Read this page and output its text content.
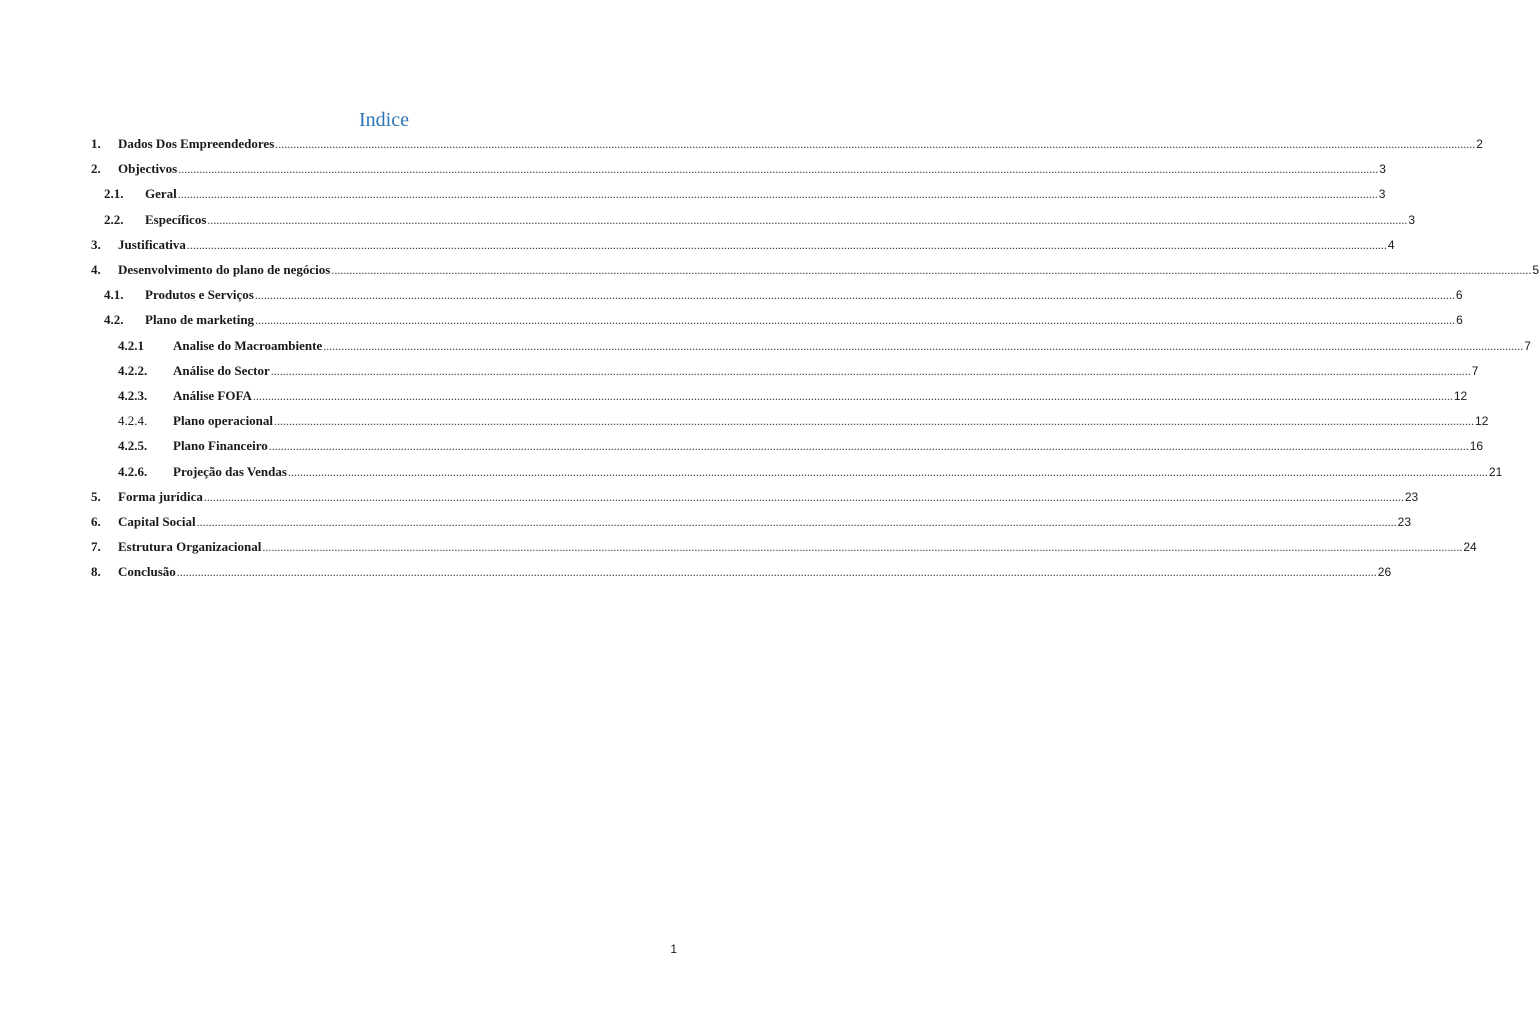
Indice
1.	Dados Dos Empreendedores ................................................................................................................................................................................................................................................................................................................................................................................................................ 2
2.	Objectivos ................................................................................................................................................................................................................................................................................................................................................................................................................ 3
2.1.	Geral ................................................................................................................................................................................................................................................................................................................................................................................................................ 3
2.2.	Específicos ................................................................................................................................................................................................................................................................................................................................................................................................................ 3
3.	Justificativa ................................................................................................................................................................................................................................................................................................................................................................................................................ 4
4.	Desenvolvimento do plano de negócios ................................................................................................................................................................................................................................................................................................................................................................................................................ 5
4.1.	Produtos e Serviços ................................................................................................................................................................................................................................................................................................................................................................................................................ 6
4.2.	Plano de marketing ................................................................................................................................................................................................................................................................................................................................................................................................................ 6
4.2.1	Analise do Macroambiente ................................................................................................................................................................................................................................................................................................................................................................................................................ 7
4.2.2.	Análise do Sector ................................................................................................................................................................................................................................................................................................................................................................................................................ 7
4.2.3.	Análise FOFA ................................................................................................................................................................................................................................................................................................................................................................................................................ 12
4.2.4.	Plano operacional ................................................................................................................................................................................................................................................................................................................................................................................................................ 12
4.2.5.	Plano Financeiro ................................................................................................................................................................................................................................................................................................................................................................................................................ 16
4.2.6.	Projeção das Vendas ................................................................................................................................................................................................................................................................................................................................................................................................................ 21
5.	Forma jurídica ................................................................................................................................................................................................................................................................................................................................................................................................................ 23
6.	Capital Social ................................................................................................................................................................................................................................................................................................................................................................................................................ 23
7.	Estrutura Organizacional ................................................................................................................................................................................................................................................................................................................................................................................................................ 24
8.	Conclusão ................................................................................................................................................................................................................................................................................................................................................................................................................ 26
1
